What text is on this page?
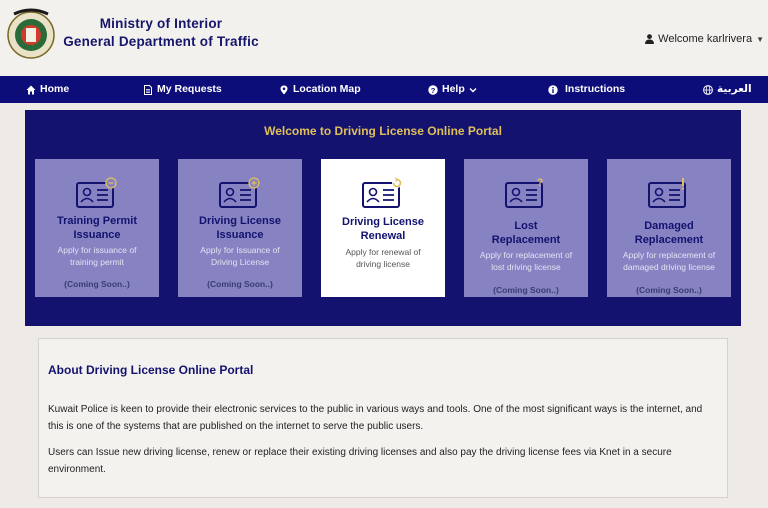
Ministry of Interior
General Department of Traffic	Welcome karlrivera ▼
Home	My Requests	Location Map	? Help	Instructions	العربية
Welcome to Driving License Online Portal
Training Permit
Issuance
Apply for issuance of
training permit
(Coming Soon..)
Driving License
Issuance
Apply for Issuance of
Driving License
(Coming Soon..)
Driving License
Renewal
Apply for renewal of
driving license
?
Lost
Replacement
Apply for replacement of
lost driving license
(Coming Soon..)
Damaged
Replacement
Apply for replacement of
damaged driving license
(Coming Soon..)
About Driving License Online Portal
Kuwait Police is keen to provide their electronic services to the public in various ways and tools. One of the most significant ways is the internet, and this is one of the systems that are published on the internet to serve the public users.
Users can Issue new driving license, renew or replace their existing driving licenses and also pay the driving license fees via Knet in a secure environment.
